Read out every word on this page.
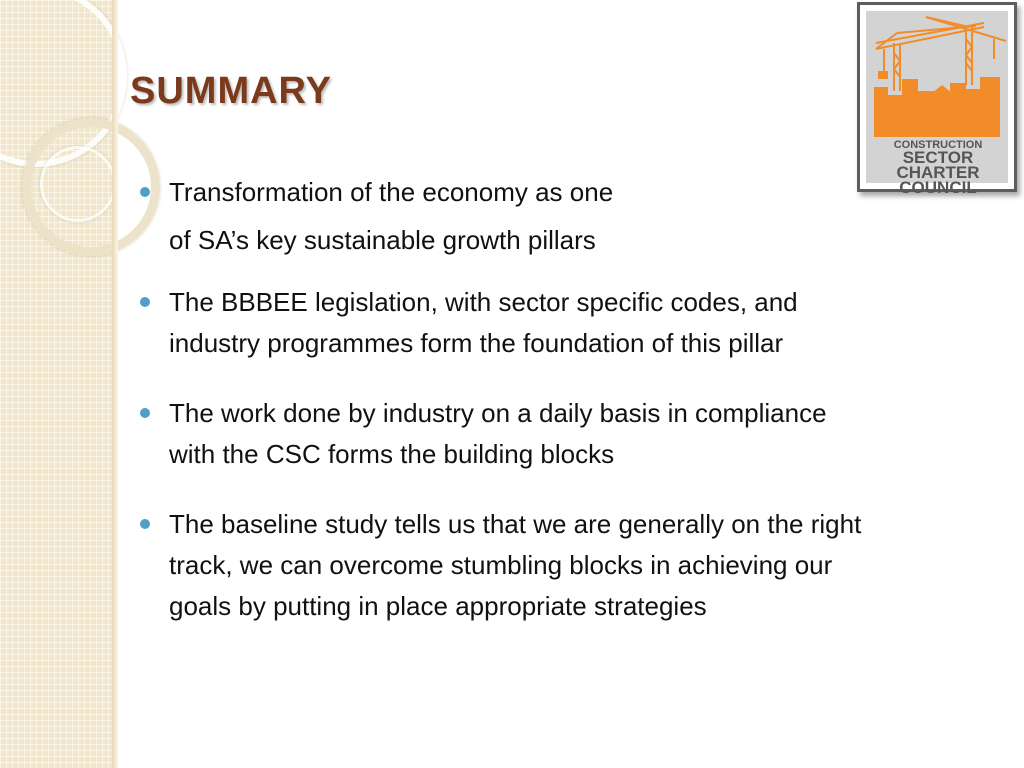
SUMMARY
CONSTRUCTION
SECTOR
CHARTER
COUNCIL
Transformation of the economy as one
of SA’s key sustainable growth pillars
The BBBEE legislation, with sector specific codes, and
industry programmes form the foundation of this pillar
The work done by industry on a daily basis in compliance
with the CSC forms the building blocks
The baseline study tells us that we are generally on the right
track, we can overcome stumbling blocks in achieving our
goals by putting in place appropriate strategies
